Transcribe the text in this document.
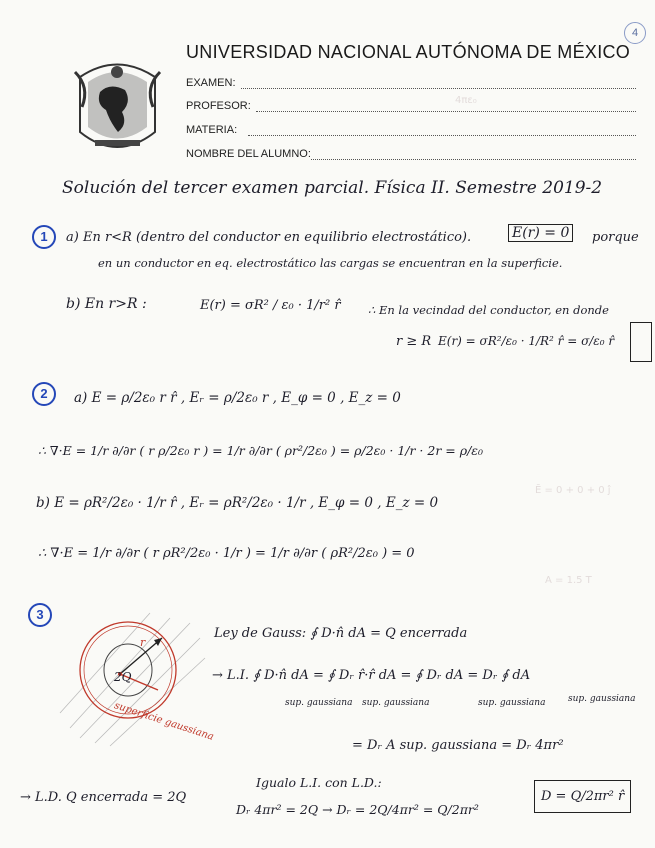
4πε₀
Ē = 0 + 0 + 0 ĵ
A = 1.5 T
UNIVERSIDAD NACIONAL AUTÓNOMA DE MÉXICO
EXAMEN:
PROFESOR:
MATERIA:
NOMBRE DEL ALUMNO:
4
Solución del tercer examen parcial. Física II. Semestre 2019-2
1	a) En r<R (dentro del conductor en equilibrio electrostático).	E(r) = 0	porque
en un conductor en eq. electrostático las cargas se encuentran en la superficie.
b) En r>R :	E(r) = σR² / ε₀ · 1/r² r̂ ∴ En la vecindad del conductor, en donde
r ≥ R E(r) = σR²/ε₀ · 1/R² r̂ = σ/ε₀ r̂
2	a) E = ρ/2ε₀ r r̂ , Eᵣ = ρ/2ε₀ r , E_φ = 0 , E_z = 0
∴ ∇·E = 1/r ∂/∂r ( r ρ/2ε₀ r ) = 1/r ∂/∂r ( ρr²/2ε₀ ) = ρ/2ε₀ · 1/r · 2r = ρ/ε₀
b) E = ρR²/2ε₀ · 1/r r̂ , Eᵣ = ρR²/2ε₀ · 1/r , E_φ = 0 , E_z = 0
∴ ∇·E = 1/r ∂/∂r ( r ρR²/2ε₀ · 1/r ) = 1/r ∂/∂r ( ρR²/2ε₀ ) = 0
3
2Q
r
superficie gaussiana
Ley de Gauss: ∮ D·n̂ dA = Q encerrada
→ L.I. ∮ D·n̂ dA = ∮ Dᵣ r̂·r̂ dA = ∮ Dᵣ dA = Dᵣ ∮ dA
sup. gaussiana sup. gaussiana	sup. gaussiana	sup. gaussiana
= Dᵣ A sup. gaussiana = Dᵣ 4πr²
→ L.D. Q encerrada = 2Q
Igualo L.I. con L.D.:
Dᵣ 4πr² = 2Q → Dᵣ = 2Q/4πr² = Q/2πr²
D = Q/2πr² r̂
